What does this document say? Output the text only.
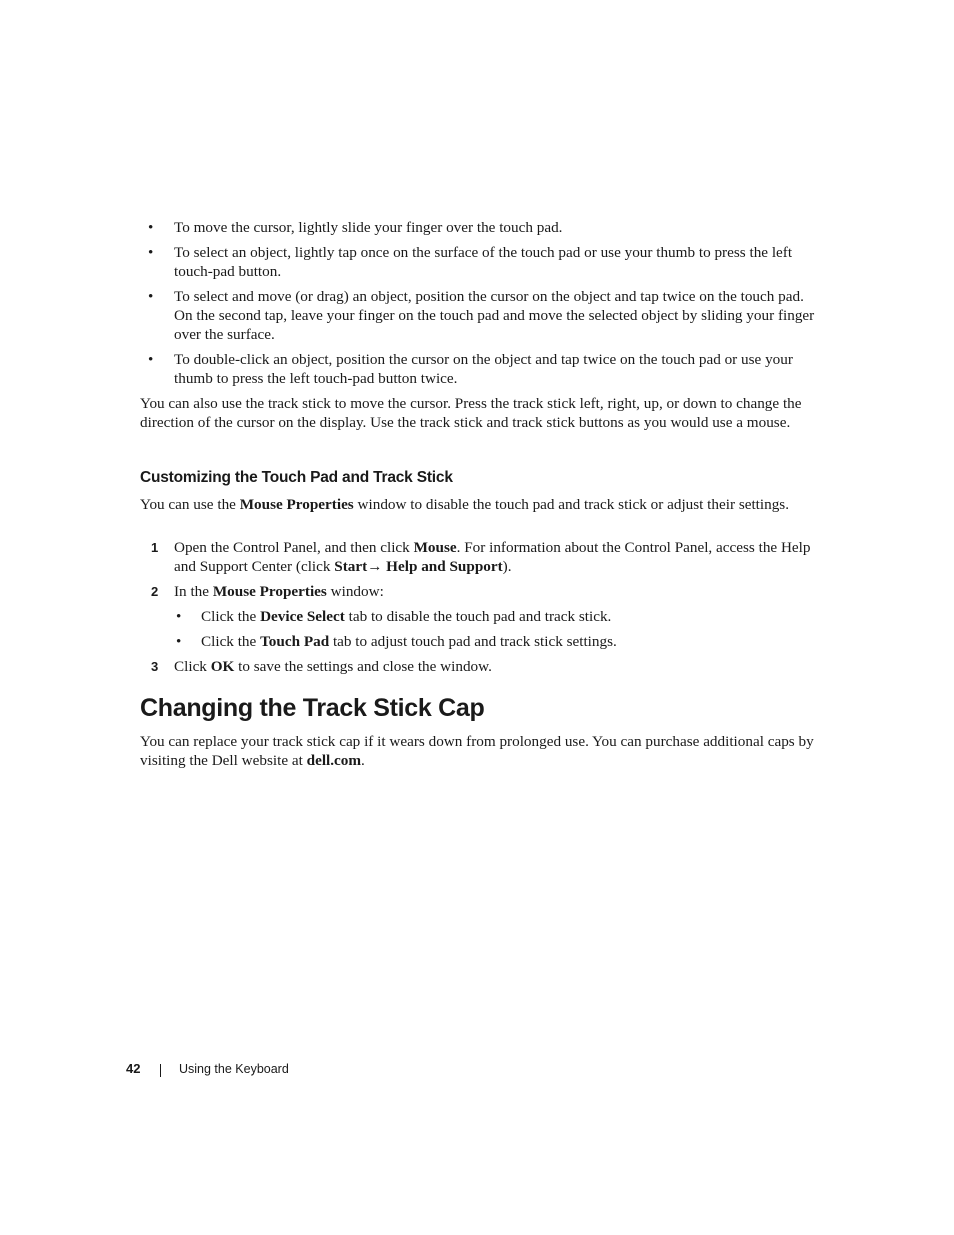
• To move the cursor, lightly slide your finger over the touch pad.
• To select an object, lightly tap once on the surface of the touch pad or use your thumb to press the left touch-pad button.
• To select and move (or drag) an object, position the cursor on the object and tap twice on the touch pad. On the second tap, leave your finger on the touch pad and move the selected object by sliding your finger over the surface.
• To double-click an object, position the cursor on the object and tap twice on the touch pad or use your thumb to press the left touch-pad button twice.
You can also use the track stick to move the cursor. Press the track stick left, right, up, or down to change the direction of the cursor on the display. Use the track stick and track stick buttons as you would use a mouse.
Customizing the Touch Pad and Track Stick
You can use the Mouse Properties window to disable the touch pad and track stick or adjust their settings.
1 Open the Control Panel, and then click Mouse. For information about the Control Panel, access the Help and Support Center (click Start→ Help and Support).
2 In the Mouse Properties window:
• Click the Device Select tab to disable the touch pad and track stick.
• Click the Touch Pad tab to adjust touch pad and track stick settings.
3 Click OK to save the settings and close the window.
Changing the Track Stick Cap
You can replace your track stick cap if it wears down from prolonged use. You can purchase additional caps by visiting the Dell website at dell.com.
42	Using the Keyboard
